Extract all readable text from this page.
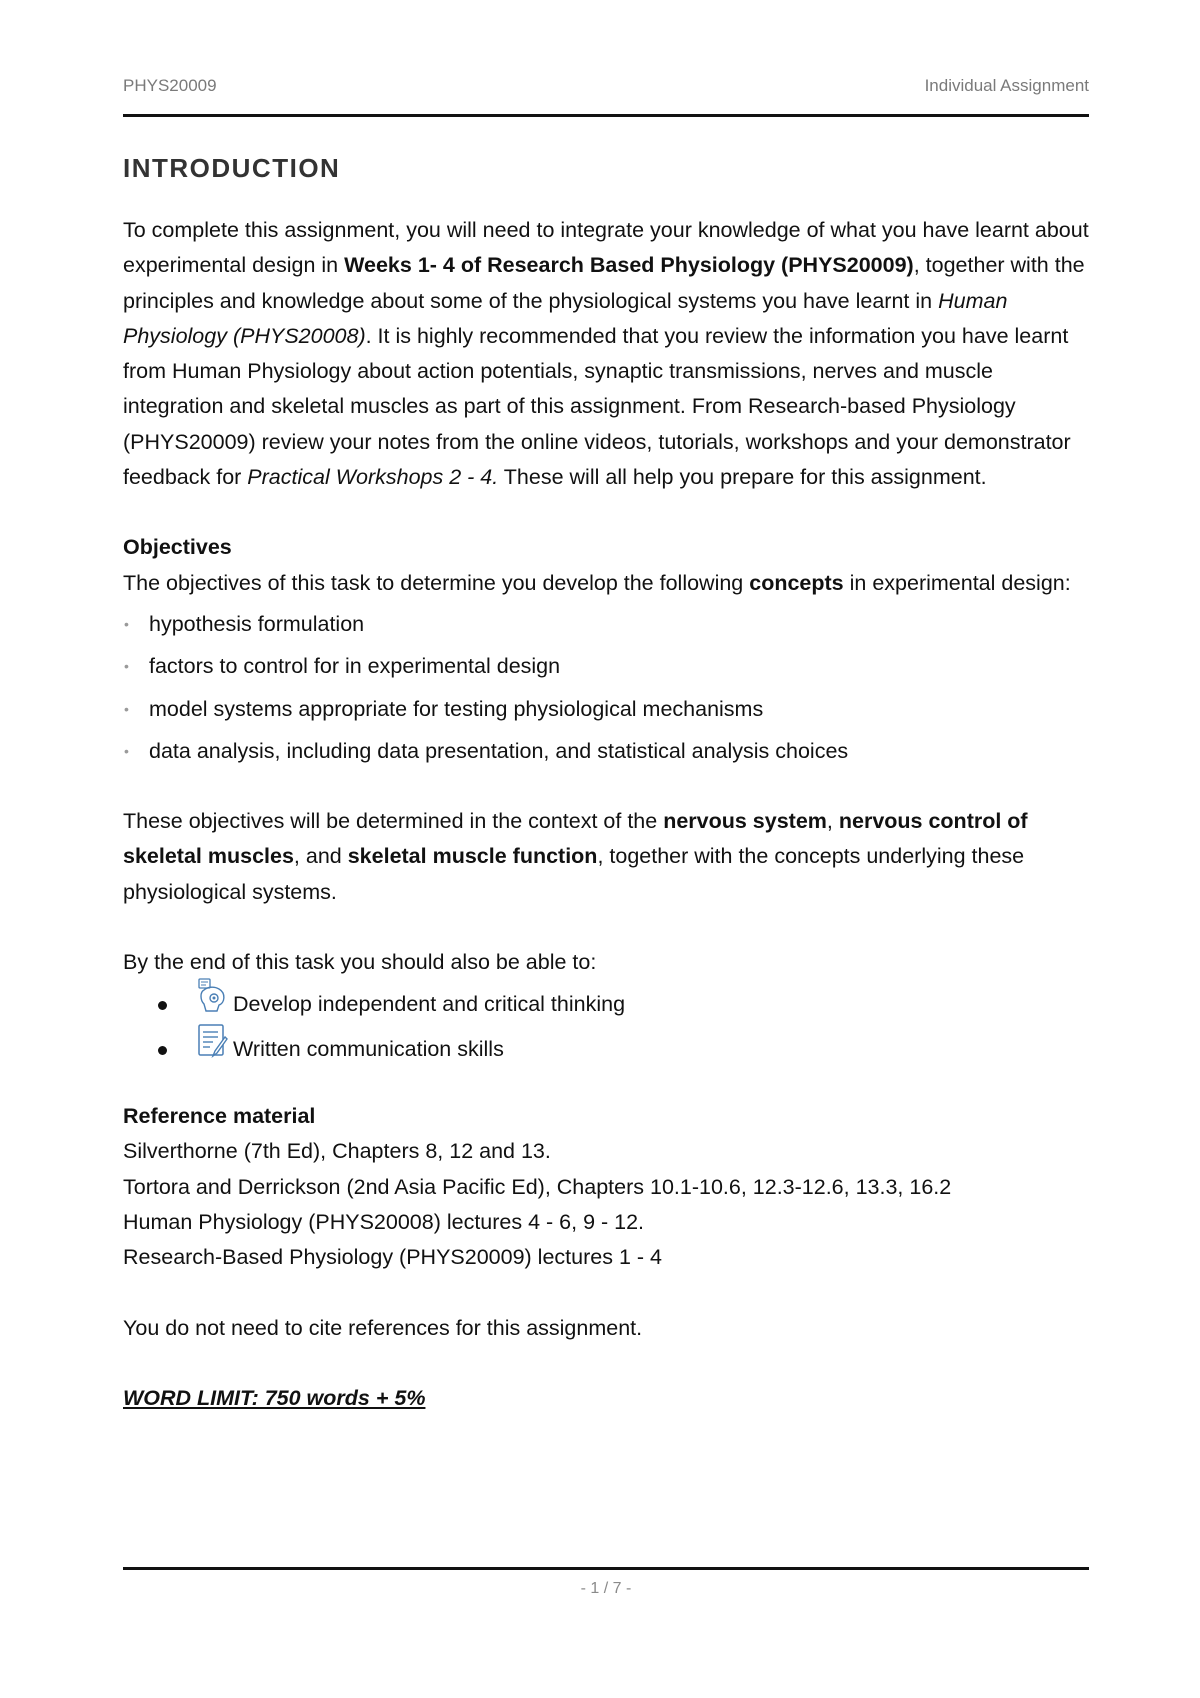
PHYS20009	Individual Assignment
INTRODUCTION

To complete this assignment, you will need to integrate your knowledge of what you have learnt about experimental design in Weeks 1- 4 of Research Based Physiology (PHYS20009), together with the principles and knowledge about some of the physiological systems you have learnt in Human Physiology (PHYS20008). It is highly recommended that you review the information you have learnt from Human Physiology about action potentials, synaptic transmissions, nerves and muscle integration and skeletal muscles as part of this assignment. From Research-based Physiology (PHYS20009) review your notes from the online videos, tutorials, workshops and your demonstrator feedback for Practical Workshops 2 - 4. These will all help you prepare for this assignment.

Objectives

The objectives of this task to determine you develop the following concepts in experimental design:

• hypothesis formulation
• factors to control for in experimental design
• model systems appropriate for testing physiological mechanisms
• data analysis, including data presentation, and statistical analysis choices

These objectives will be determined in the context of the nervous system, nervous control of skeletal muscles, and skeletal muscle function, together with the concepts underlying these physiological systems.

By the end of this task you should also be able to:

Develop independent and critical thinking
Written communication skills

Reference material

Silverthorne (7th Ed), Chapters 8, 12 and 13.

Tortora and Derrickson (2nd Asia Pacific Ed), Chapters 10.1-10.6, 12.3-12.6, 13.3, 16.2

Human Physiology (PHYS20008) lectures 4 - 6, 9 - 12.

Research-Based Physiology (PHYS20009) lectures 1 - 4

You do not need to cite references for this assignment.

WORD LIMIT: 750 words + 5%

- 1 / 7 -
